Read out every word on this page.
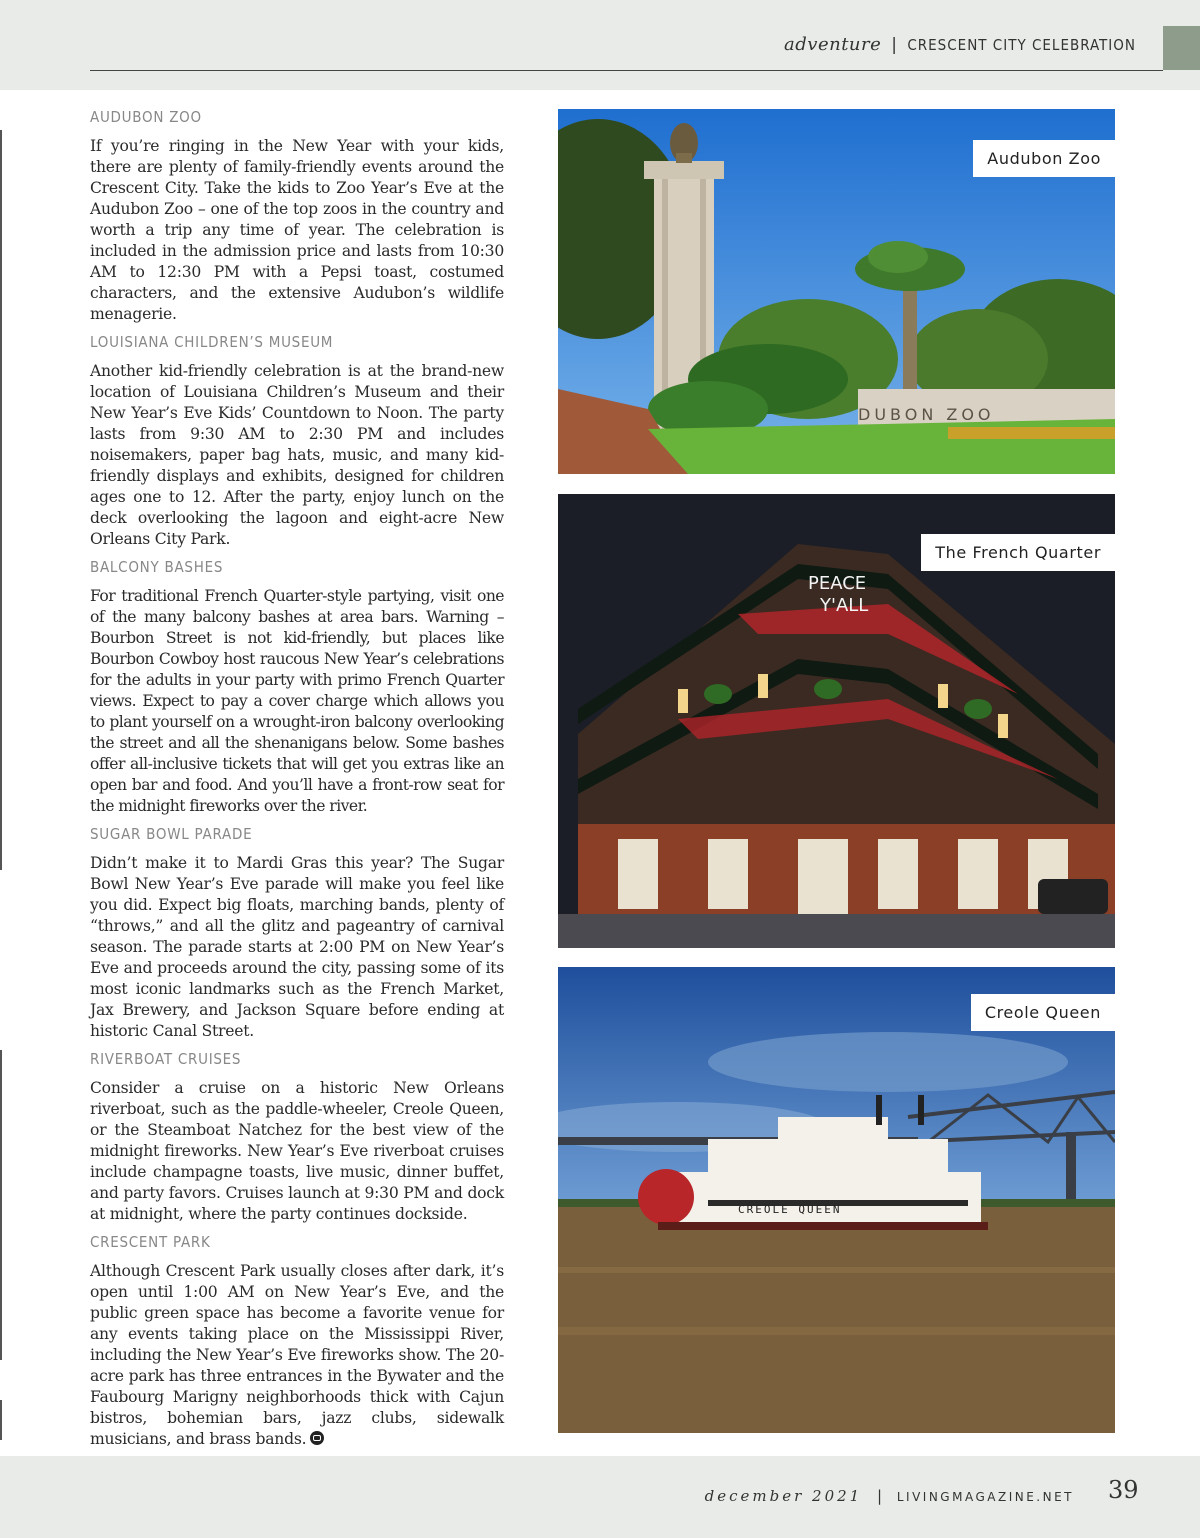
adventure | CRESCENT CITY CELEBRATION
AUDUBON ZOO

If you’re ringing in the New Year with your kids, there are plenty of family-friendly events around the Crescent City. Take the kids to Zoo Year’s Eve at the Audubon Zoo – one of the top zoos in the country and worth a trip any time of year. The celebration is included in the admission price and lasts from 10:30 AM to 12:30 PM with a Pepsi toast, costumed characters, and the extensive Audubon’s wildlife menagerie.

LOUISIANA CHILDREN’S MUSEUM

Another kid-friendly celebration is at the brand-new location of Louisiana Children’s Museum and their New Year’s Eve Kids’ Countdown to Noon. The party lasts from 9:30 AM to 2:30 PM and includes noisemakers, paper bag hats, music, and many kid-friendly displays and exhibits, designed for children ages one to 12. After the party, enjoy lunch on the deck overlooking the lagoon and eight-acre New Orleans City Park.

BALCONY BASHES

For traditional French Quarter-style partying, visit one of the many balcony bashes at area bars. Warning – Bourbon Street is not kid-friendly, but places like Bourbon Cowboy host raucous New Year’s celebrations for the adults in your party with primo French Quarter views. Expect to pay a cover charge which allows you to plant yourself on a wrought-iron balcony overlooking the street and all the shenanigans below. Some bashes offer all-inclusive tickets that will get you extras like an open bar and food. And you’ll have a front-row seat for the midnight fireworks over the river.

SUGAR BOWL PARADE

Didn’t make it to Mardi Gras this year? The Sugar Bowl New Year’s Eve parade will make you feel like you did. Expect big floats, marching bands, plenty of “throws,” and all the glitz and pageantry of carnival season. The parade starts at 2:00 PM on New Year’s Eve and proceeds around the city, passing some of its most iconic landmarks such as the French Market, Jax Brewery, and Jackson Square before ending at historic Canal Street.

RIVERBOAT CRUISES

Consider a cruise on a historic New Orleans riverboat, such as the paddle-wheeler, Creole Queen, or the Steamboat Natchez for the best view of the midnight fireworks. New Year’s Eve riverboat cruises include champagne toasts, live music, dinner buffet, and party favors. Cruises launch at 9:30 PM and dock at midnight, where the party continues dockside.

CRESCENT PARK

Although Crescent Park usually closes after dark, it’s open until 1:00 AM on New Year’s Eve, and the public green space has become a favorite venue for any events taking place on the Mississippi River, including the New Year’s Eve fireworks show. The 20-acre park has three entrances in the Bywater and the Faubourg Marigny neighborhoods thick with Cajun bistros, bohemian bars, jazz clubs, sidewalk musicians, and brass bands.

DUBON ZOO
Audubon Zoo
PEACE
Y'ALL
The French Quarter
CREOLE QUEEN
Creole Queen
december 2021 | LIVINGMAGAZINE.NET 39
